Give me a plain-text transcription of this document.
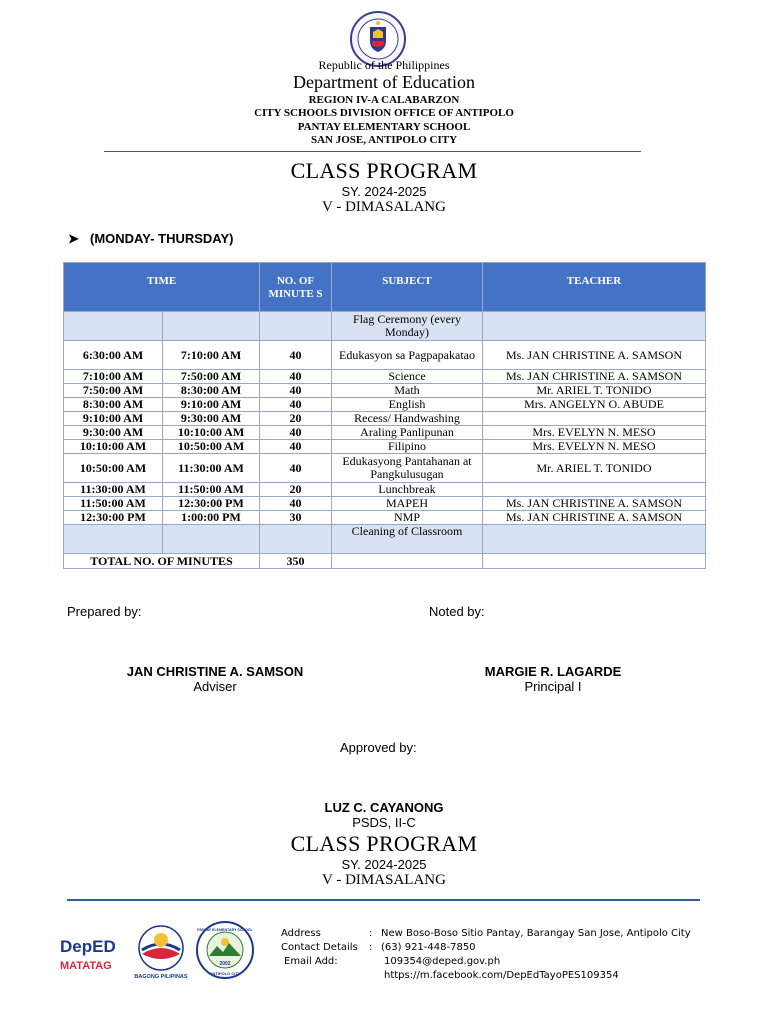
Republic of the Philippines
Department of Education
REGION IV-A CALABARZON
CITY SCHOOLS DIVISION OFFICE OF ANTIPOLO
PANTAY ELEMENTARY SCHOOL
SAN JOSE, ANTIPOLO CITY
CLASS PROGRAM
SY. 2024-2025
V - DIMASALANG
➤ (MONDAY- THURSDAY)
TIME		NO. OF MINUTE S	SUBJECT	TEACHER
			Flag Ceremony (every Monday)	
6:30:00 AM	7:10:00 AM	40	Edukasyon sa Pagpapakatao	Ms. JAN CHRISTINE A. SAMSON
7:10:00 AM	7:50:00 AM	40	Science	Ms. JAN CHRISTINE A. SAMSON
7:50:00 AM	8:30:00 AM	40	Math	Mr. ARIEL T. TONIDO
8:30:00 AM	9:10:00 AM	40	English	Mrs. ANGELYN O. ABUDE
9:10:00 AM	9:30:00 AM	20	Recess/ Handwashing	
9:30:00 AM	10:10:00 AM	40	Araling Panlipunan	Mrs. EVELYN N. MESO
10:10:00 AM	10:50:00 AM	40	Filipino	Mrs. EVELYN N. MESO
10:50:00 AM	11:30:00 AM	40	Edukasyong Pantahanan at Pangkulusugan	Mr. ARIEL T. TONIDO
11:30:00 AM	11:50:00 AM	20	Lunchbreak	
11:50:00 AM	12:30:00 PM	40	MAPEH	Ms. JAN CHRISTINE A. SAMSON
12:30:00 PM	1:00:00 PM	30	NMP	Ms. JAN CHRISTINE A. SAMSON
			Cleaning of Classroom	
TOTAL NO. OF MINUTES		350		
Prepared by:	Noted by:
JAN CHRISTINE A. SAMSON
Adviser
MARGIE R. LAGARDE
Principal I
Approved by:
LUZ C. CAYANONG
PSDS, II-C
CLASS PROGRAM
SY. 2024-2025
V - DIMASALANG
DepED
MATATAG
BAGONG PILIPINAS
2002
PANTAY ELEMENTARY SCHOOL
ANTIPOLO CITY
Address	: New Boso-Boso Sitio Pantay, Barangay San Jose, Antipolo City
Contact Details	: (63) 921-448-7850
Email Add:	109354@deped.gov.ph
https://m.facebook.com/DepEdTayoPES109354
